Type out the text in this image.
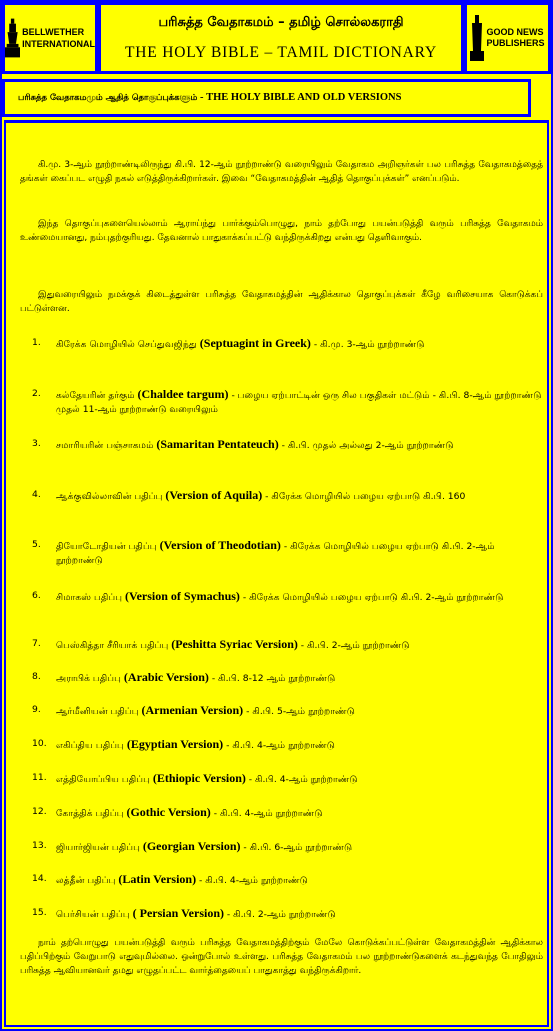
BELLWETHER
INTERNATIONAL
பரிசுத்த வேதாகமம் – தமிழ் சொல்லகராதி
THE HOLY BIBLE – TAMIL DICTIONARY
GOOD NEWS
PUBLISHERS
பரிசுத்த வேதாகமமும் ஆதித் தொகுப்புக்களும் - THE HOLY BIBLE AND OLD VERSIONS

கி.மு. 3-ஆம் நூற்றாண்டிலிருந்து கி.பி. 12-ஆம் நூற்றாண்டு வரையிலும் வேதாகம அறிஞர்கள் பல பரிசுத்த வேதாகமத்தைத் தங்கள் கைப்பட எழுதி நகல் எடுத்திருக்கிறார்கள். இவை “வேதாகமத்தின் ஆதித் தொகுப்புக்கள்” எனப்படும்.

இந்த தொகுப்புகளையெல்லாம் ஆராய்ந்து பார்க்கும்பொழுது, நாம் தற்போது பயன்படுத்தி வரும் பரிசுத்த வேதாகமம் உண்மையானது, நம்புதற்குரியது. தேவனால் பாதுகாக்கப்பட்டு வந்திருக்கிறது என்பது தெளிவாகும்.

இதுவரையிலும் நமக்குக் கிடைத்துள்ள பரிசுத்த வேதாகமத்தின் ஆதிக்கால தொகுப்புக்கள் கீழே வரிசையாக கொடுக்கப் பட்டுள்ளன.

1.	கிரேக்க மொழியில் செப்துவஜிந்து (Septuagint in Greek) - கி.மு. 3-ஆம் நூற்றாண்டு
2.	கல்தேயரின் தர்கும் (Chaldee targum) - பழைய ஏற்பாட்டின் ஒரு சில பகுதிகள் மட்டும் - கி.பி. 8-ஆம் நூற்றாண்டு முதல் 11-ஆம் நூற்றாண்டு வரையிலும்
3.	சமாரியரின் பஞ்சாகமம் (Samaritan Pentateuch) - கி.பி. முதல் அல்லது 2-ஆம் நூற்றாண்டு
4.	ஆக்குவில்லாவின் பதிப்பு (Version of Aquila) - கிரேக்க மொழியில் பழைய ஏற்பாடு கி.பி. 160
5.	தியோடோதியன் பதிப்பு (Version of Theodotian) - கிரேக்க மொழியில் பழைய ஏற்பாடு கி.பி. 2-ஆம் நூற்றாண்டு
6.	சிமாகஸ் பதிப்பு (Version of Symachus) - கிரேக்க மொழியில் பழைய ஏற்பாடு கி.பி. 2-ஆம் நூற்றாண்டு
7.	பெஸ்கித்தா சீரியாக் பதிப்பு (Peshitta Syriac Version) - கி.பி. 2-ஆம் நூற்றாண்டு
8.	அராபிக் பதிப்பு (Arabic Version) - கி.பி. 8-12 ஆம் நூற்றாண்டு
9.	ஆர்மீனியன் பதிப்பு (Armenian Version) - கி.பி. 5-ஆம் நூற்றாண்டு
10.	எகிப்திய பதிப்பு (Egyptian Version) - கி.பி. 4-ஆம் நூற்றாண்டு
11.	எத்தியோப்பிய பதிப்பு (Ethiopic Version) - கி.பி. 4-ஆம் நூற்றாண்டு
12.	கோத்திக் பதிப்பு (Gothic Version) - கி.பி. 4-ஆம் நூற்றாண்டு
13.	ஜியார்ஜியன் பதிப்பு (Georgian Version) - கி.பி. 6-ஆம் நூற்றாண்டு
14.	லத்தீன் பதிப்பு (Latin Version) - கி.பி. 4-ஆம் நூற்றாண்டு
15.	பெர்சியன் பதிப்பு ( Persian Version) - கி.பி. 2-ஆம் நூற்றாண்டு

நாம் தற்பொழுது பயன்படுத்தி வரும் பரிசுத்த வேதாகமத்திற்கும் மேலே கொடுக்கப்பட்டுள்ள வேதாகமத்தின் ஆதிக்கால பதிப்பிற்கும் வேறுபாடு எதுவுமில்லை. ஒன்றுபோல் உள்ளது. பரிசுத்த வேதாகமம் பல நூற்றாண்டுகளைக் கடந்துவந்த போதிலும் பரிசுத்த ஆவியானவர் தமது எழுதப்பட்ட வார்த்தையைப் பாதுகாத்து வந்திருக்கிறார்.
